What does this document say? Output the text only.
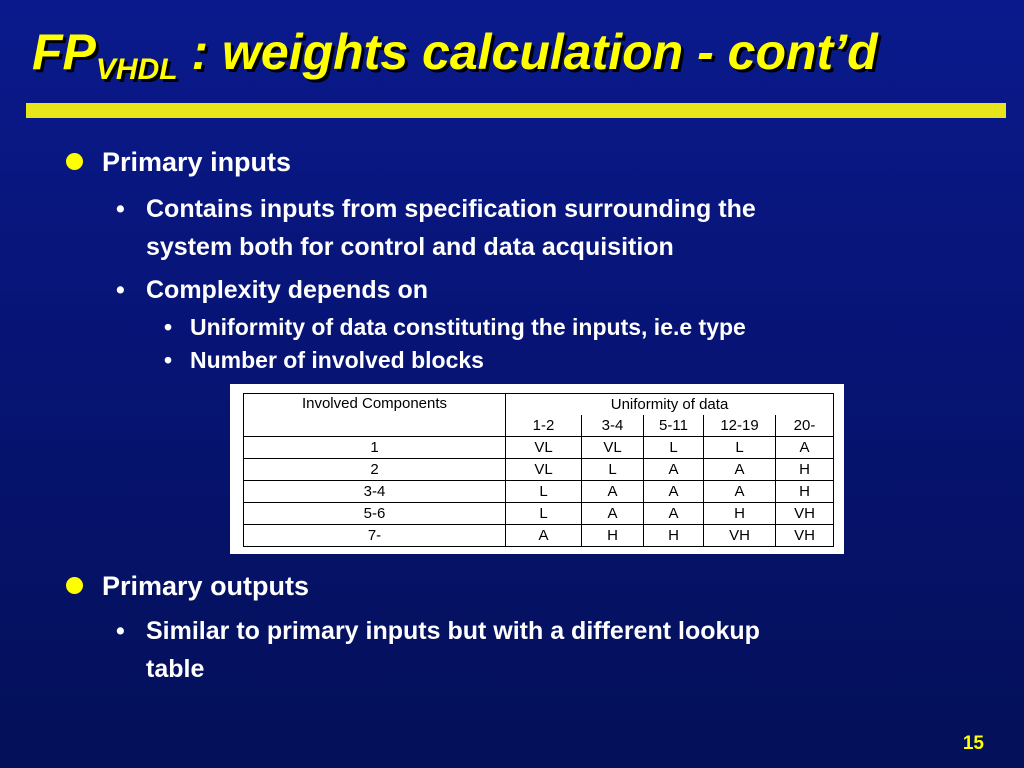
$FP_{VHDL}$ : weights calculation - cont’d
Primary inputs
• Contains inputs from specification surrounding the
system both for control and data acquisition
• Complexity depends on
• Uniformity of data constituting the inputs, ie.e type
• Number of involved blocks
Involved Components	Uniformity of data				
	1-2	3-4	5-11	12-19	20-
1	VL	VL	L	L	A
2	VL	L	A	A	H
3-4	L	A	A	A	H
5-6	L	A	A	H	VH
7-	A	H	H	VH	VH
Primary outputs
• Similar to primary inputs but with a different lookup
table
15
